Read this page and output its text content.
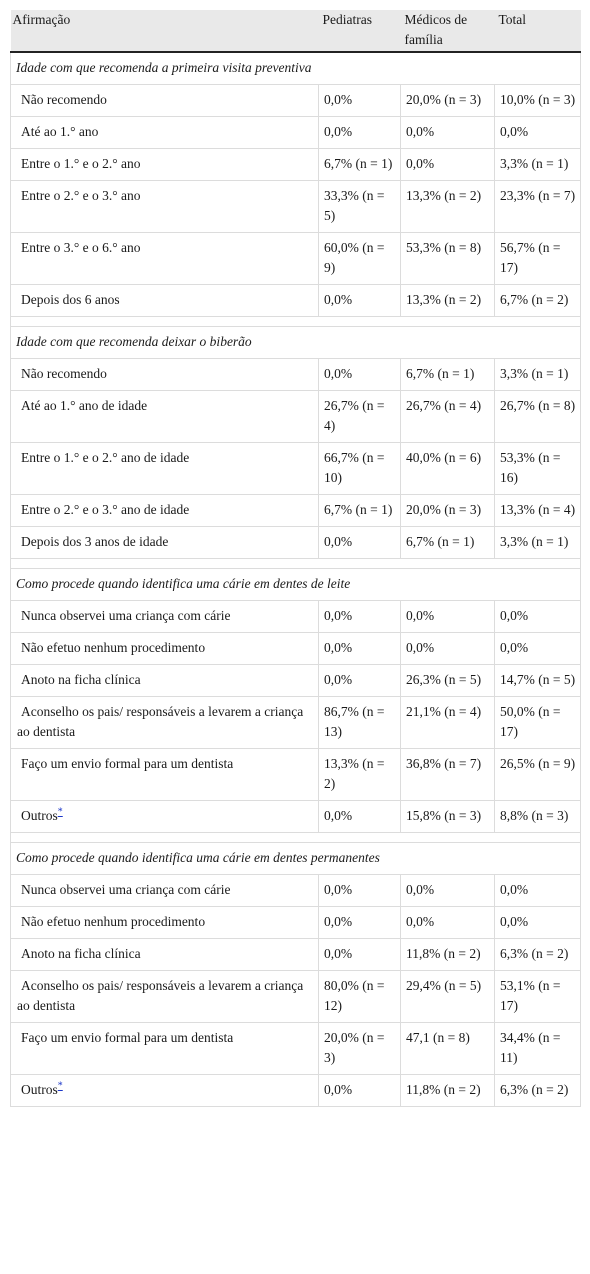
Afirmação	Pediatras	Médicos de família	Total
Idade com que recomenda a primeira visita preventiva			
Não recomendo	0,0%	20,0% (n = 3)	10,0% (n = 3)
Até ao 1.° ano	0,0%	0,0%	0,0%
Entre o 1.° e o 2.° ano	6,7% (n = 1)	0,0%	3,3% (n = 1)
Entre o 2.° e o 3.° ano	33,3% (n = 5)	13,3% (n = 2)	23,3% (n = 7)
Entre o 3.° e o 6.° ano	60,0% (n = 9)	53,3% (n = 8)	56,7% (n = 17)
Depois dos 6 anos	0,0%	13,3% (n = 2)	6,7% (n = 2)

Idade com que recomenda deixar o biberão			
Não recomendo	0,0%	6,7% (n = 1)	3,3% (n = 1)
Até ao 1.° ano de idade	26,7% (n = 4)	26,7% (n = 4)	26,7% (n = 8)
Entre o 1.° e o 2.° ano de idade	66,7% (n = 10)	40,0% (n = 6)	53,3% (n = 16)
Entre o 2.° e o 3.° ano de idade	6,7% (n = 1)	20,0% (n = 3)	13,3% (n = 4)
Depois dos 3 anos de idade	0,0%	6,7% (n = 1)	3,3% (n = 1)

Como procede quando identifica uma cárie em dentes de leite			
Nunca observei uma criança com cárie	0,0%	0,0%	0,0%
Não efetuo nenhum procedimento	0,0%	0,0%	0,0%
Anoto na ficha clínica	0,0%	26,3% (n = 5)	14,7% (n = 5)
Aconselho os pais/ responsáveis a levarem a criança ao dentista	86,7% (n = 13)	21,1% (n = 4)	50,0% (n = 17)
Faço um envio formal para um dentista	13,3% (n = 2)	36,8% (n = 7)	26,5% (n = 9)
Outros*	0,0%	15,8% (n = 3)	8,8% (n = 3)

Como procede quando identifica uma cárie em dentes permanentes			
Nunca observei uma criança com cárie	0,0%	0,0%	0,0%
Não efetuo nenhum procedimento	0,0%	0,0%	0,0%
Anoto na ficha clínica	0,0%	11,8% (n = 2)	6,3% (n = 2)
Aconselho os pais/ responsáveis a levarem a criança ao dentista	80,0% (n = 12)	29,4% (n = 5)	53,1% (n = 17)
Faço um envio formal para um dentista	20,0% (n = 3)	47,1 (n = 8)	34,4% (n = 11)
Outros*	0,0%	11,8% (n = 2)	6,3% (n = 2)
